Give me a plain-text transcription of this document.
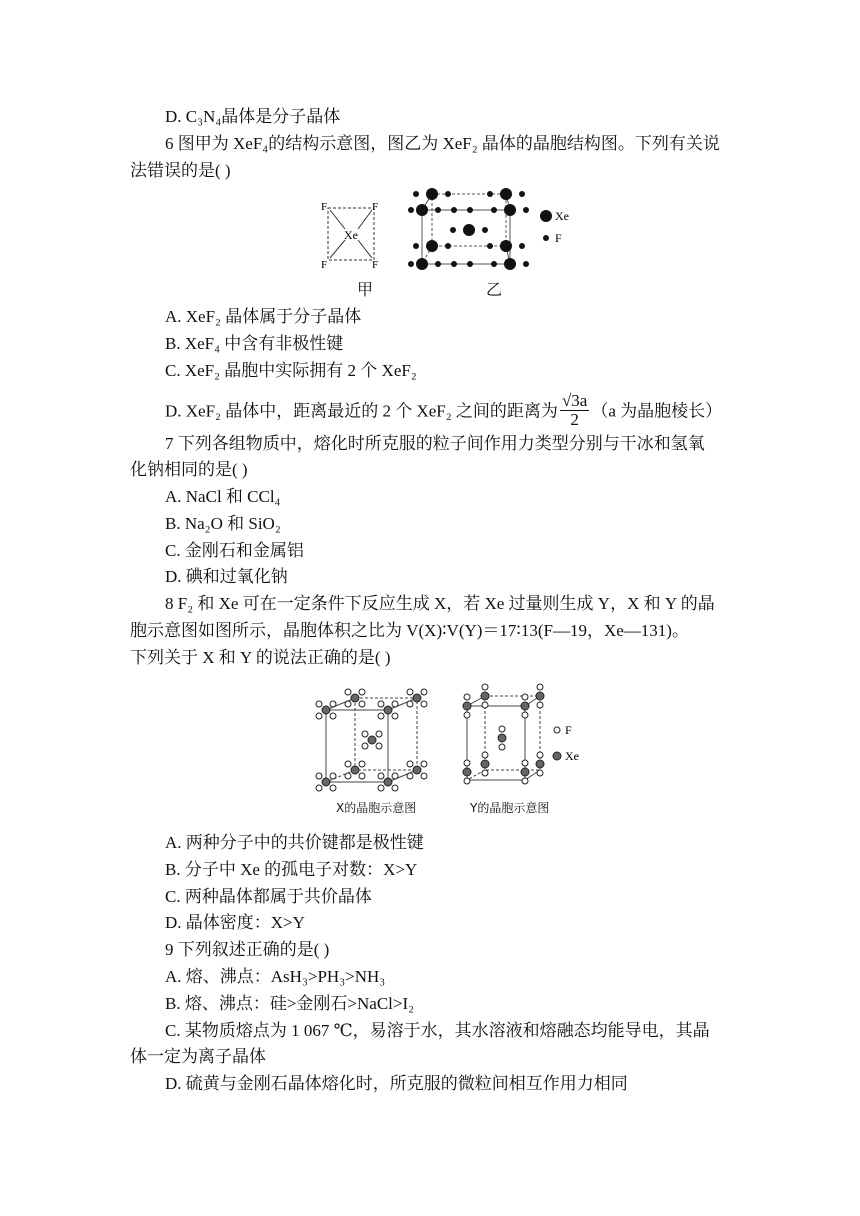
D. C₃N₄晶体是分子晶体
6 图甲为 XeF₄的结构示意图，图乙为 XeF₂ 晶体的晶胞结构图。下列有关说
法错误的是( )
F	F
F	F
Xe
Xe
F
甲	乙
A. XeF₂ 晶体属于分子晶体
B. XeF₄ 中含有非极性键
C. XeF₂ 晶胞中实际拥有 2 个 XeF₂
D. XeF₂ 晶体中，距离最近的 2 个 XeF₂ 之间的距离为 $\frac{√3a}{2} (a$ 为晶胞棱长）
7 下列各组物质中，熔化时所克服的粒子间作用力类型分别与干冰和氢氧
化钠相同的是( )
A. NaCl 和 CCl₄
B. Na₂O 和 SiO₂
C. 金刚石和金属铝
D. 碘和过氧化钠
8 F₂ 和 Xe 可在一定条件下反应生成 X，若 Xe 过量则生成 Y，X 和 Y 的晶
胞示意图如图所示，晶胞体积之比为 V(X)∶V(Y)＝17∶13(F—19，Xe—131)。
下列关于 X 和 Y 的说法正确的是( )
F
Xe
X的晶胞示意图	Y的晶胞示意图
A. 两种分子中的共价键都是极性键
B. 分子中 Xe 的孤电子对数：X>Y
C. 两种晶体都属于共价晶体
D. 晶体密度：X>Y
9 下列叙述正确的是( )
A. 熔、沸点：AsH₃>PH₃>NH₃
B. 熔、沸点：硅>金刚石>NaCl>I₂
C. 某物质熔点为 1 067 ℃，易溶于水，其水溶液和熔融态均能导电，其晶
体一定为离子晶体
D. 硫黄与金刚石晶体熔化时，所克服的微粒间相互作用力相同
